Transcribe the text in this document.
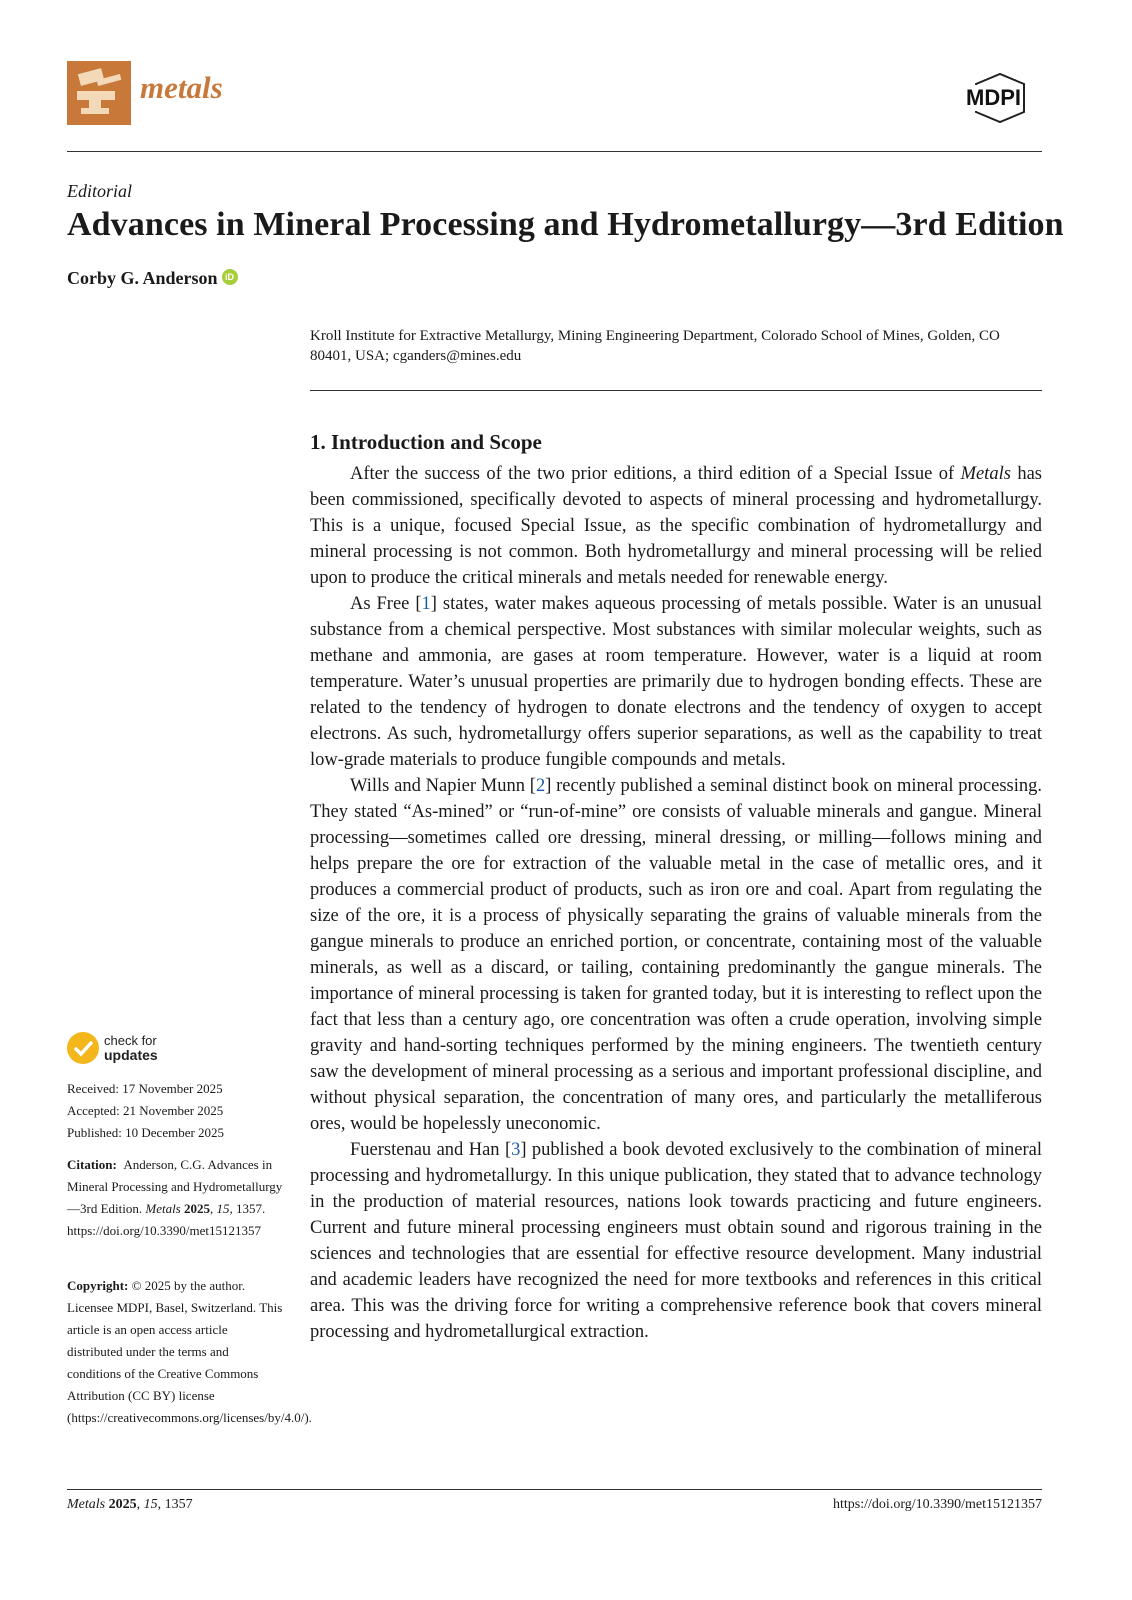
metals	MDPI
Editorial
Advances in Mineral Processing and Hydrometallurgy—3rd Edition
Corby G. Anderson iD
Kroll Institute for Extractive Metallurgy, Mining Engineering Department, Colorado School of Mines, Golden, CO 80401, USA; cganders@mines.edu
1. Introduction and Scope

After the success of the two prior editions, a third edition of a Special Issue of Metals has been commissioned, specifically devoted to aspects of mineral processing and hydrometallurgy. This is a unique, focused Special Issue, as the specific combination of hydrometallurgy and mineral processing is not common. Both hydrometallurgy and mineral processing will be relied upon to produce the critical minerals and metals needed for renewable energy.

As Free [1] states, water makes aqueous processing of metals possible. Water is an unusual substance from a chemical perspective. Most substances with similar molecular weights, such as methane and ammonia, are gases at room temperature. However, water is a liquid at room temperature. Water’s unusual properties are primarily due to hydrogen bonding effects. These are related to the tendency of hydrogen to donate electrons and the tendency of oxygen to accept electrons. As such, hydrometallurgy offers superior separations, as well as the capability to treat low-grade materials to produce fungible compounds and metals.

Wills and Napier Munn [2] recently published a seminal distinct book on mineral processing. They stated “As-mined” or “run-of-mine” ore consists of valuable minerals and gangue. Mineral processing—sometimes called ore dressing, mineral dressing, or milling—follows mining and helps prepare the ore for extraction of the valuable metal in the case of metallic ores, and it produces a commercial product of products, such as iron ore and coal. Apart from regulating the size of the ore, it is a process of physically separating the grains of valuable minerals from the gangue minerals to produce an enriched portion, or concentrate, containing most of the valuable minerals, as well as a discard, or tailing, containing predominantly the gangue minerals. The importance of mineral processing is taken for granted today, but it is interesting to reflect upon the fact that less than a century ago, ore concentration was often a crude operation, involving simple gravity and hand-sorting techniques performed by the mining engineers. The twentieth century saw the development of mineral processing as a serious and important professional discipline, and without physical separation, the concentration of many ores, and particularly the metalliferous ores, would be hopelessly uneconomic.

Fuerstenau and Han [3] published a book devoted exclusively to the combination of mineral processing and hydrometallurgy. In this unique publication, they stated that to advance technology in the production of material resources, nations look towards practicing and future engineers. Current and future mineral processing engineers must obtain sound and rigorous training in the sciences and technologies that are essential for effective resource development. Many industrial and academic leaders have recognized the need for more textbooks and references in this critical area. This was the driving force for writing a comprehensive reference book that covers mineral processing and hydrometallurgical extraction.

check for
updates
Received: 17 November 2025
Accepted: 21 November 2025
Published: 10 December 2025
Citation: Anderson, C.G. Advances in Mineral Processing and Hydrometallurgy—3rd Edition. Metals 2025, 15, 1357. https://doi.org/10.3390/met15121357
Copyright: © 2025 by the author. Licensee MDPI, Basel, Switzerland. This article is an open access article distributed under the terms and conditions of the Creative Commons Attribution (CC BY) license (https://creativecommons.org/licenses/by/4.0/).
Metals 2025, 15, 1357	https://doi.org/10.3390/met15121357
